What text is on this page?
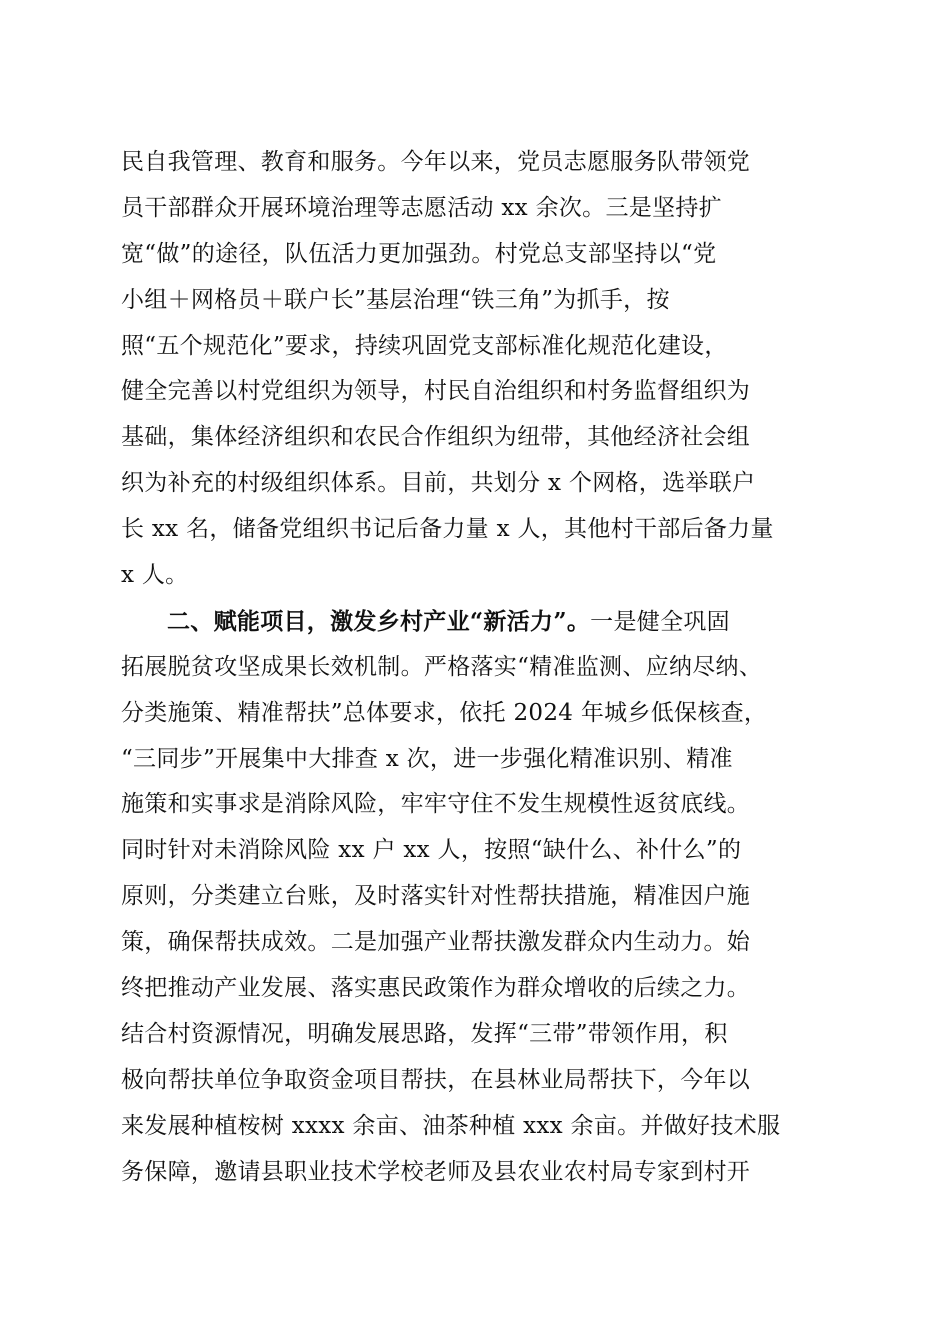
民自我管理、教育和服务。今年以来，党员志愿服务队带领党
员干部群众开展环境治理等志愿活动 xx 余次。三是坚持扩
宽“做”的途径，队伍活力更加强劲。村党总支部坚持以“党
小组＋网格员＋联户长”基层治理“铁三角”为抓手，按
照“五个规范化”要求，持续巩固党支部标准化规范化建设，
健全完善以村党组织为领导，村民自治组织和村务监督组织为
基础，集体经济组织和农民合作组织为纽带，其他经济社会组
织为补充的村级组织体系。目前，共划分 x 个网格，选举联户
长 xx 名，储备党组织书记后备力量 x 人，其他村干部后备力量
x 人。
二、赋能项目，激发乡村产业“新活力”。一是健全巩固
拓展脱贫攻坚成果长效机制。严格落实“精准监测、应纳尽纳、
分类施策、精准帮扶”总体要求，依托 2024 年城乡低保核查，
“三同步”开展集中大排查 x 次，进一步强化精准识别、精准
施策和实事求是消除风险，牢牢守住不发生规模性返贫底线。
同时针对未消除风险 xx 户 xx 人，按照“缺什么、补什么”的
原则，分类建立台账，及时落实针对性帮扶措施，精准因户施
策，确保帮扶成效。二是加强产业帮扶激发群众内生动力。始
终把推动产业发展、落实惠民政策作为群众增收的后续之力。
结合村资源情况，明确发展思路，发挥“三带”带领作用，积
极向帮扶单位争取资金项目帮扶，在县林业局帮扶下，今年以
来发展种植桉树 xxxx 余亩、油茶种植 xxx 余亩。并做好技术服
务保障，邀请县职业技术学校老师及县农业农村局专家到村开
